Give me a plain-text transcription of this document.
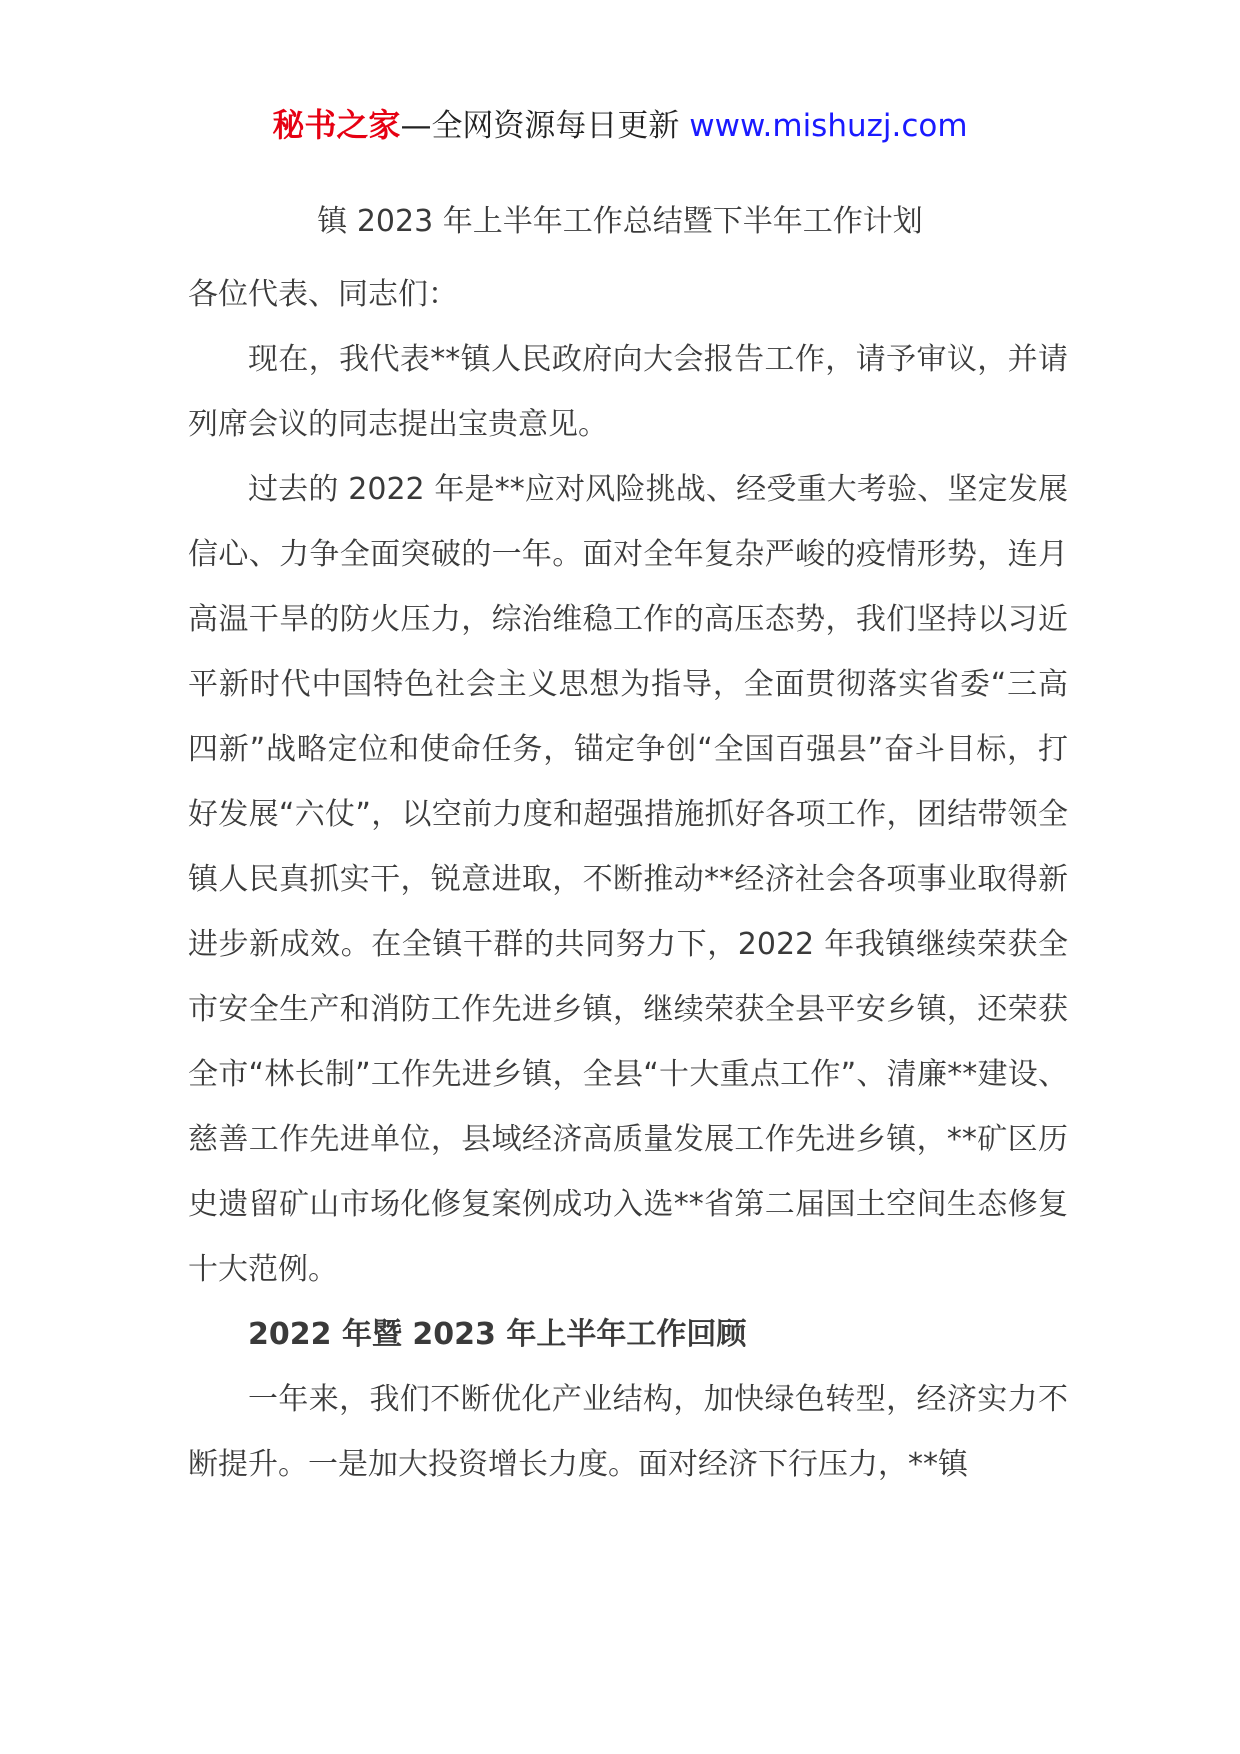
秘书之家—全网资源每日更新 www.mishuzj.com
镇 2023 年上半年工作总结暨下半年工作计划

各位代表、同志们：

现在，我代表**镇人民政府向大会报告工作，请予审议，并请列席会议的同志提出宝贵意见。

过去的 2022 年是**应对风险挑战、经受重大考验、坚定发展信心、力争全面突破的一年。面对全年复杂严峻的疫情形势，连月高温干旱的防火压力，综治维稳工作的高压态势，我们坚持以习近平新时代中国特色社会主义思想为指导，全面贯彻落实省委“三高四新”战略定位和使命任务，锚定争创“全国百强县”奋斗目标，打好发展“六仗”，以空前力度和超强措施抓好各项工作，团结带领全镇人民真抓实干，锐意进取，不断推动**经济社会各项事业取得新进步新成效。在全镇干群的共同努力下，2022 年我镇继续荣获全市安全生产和消防工作先进乡镇，继续荣获全县平安乡镇，还荣获全市“林长制”工作先进乡镇，全县“十大重点工作”、清廉**建设、慈善工作先进单位，县域经济高质量发展工作先进乡镇，**矿区历史遗留矿山市场化修复案例成功入选**省第二届国土空间生态修复十大范例。

2022 年暨 2023 年上半年工作回顾

一年来，我们不断优化产业结构，加快绿色转型，经济实力不断提升。一是加大投资增长力度。面对经济下行压力，**镇
